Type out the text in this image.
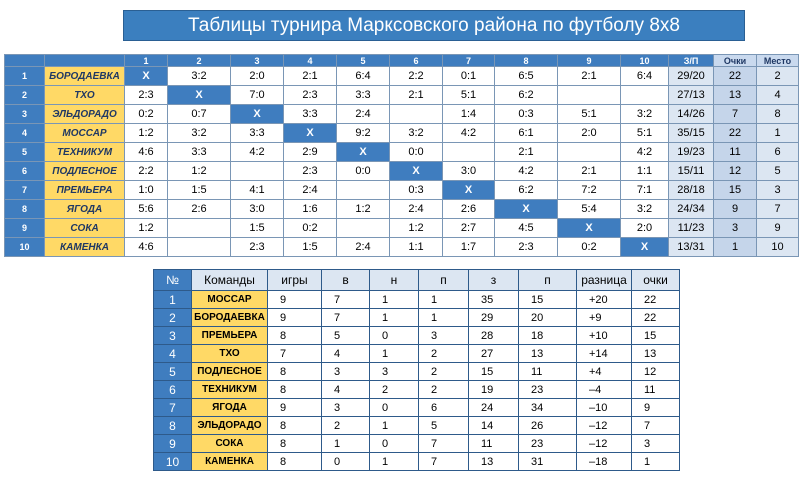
Таблицы турнира Марксовского района по футболу 8х8
		1	2	3	4	5	6	7	8	9	10	З/П	Очки	Место
1	БОРОДАЕВКА	Х	3:2	2:0	2:1	6:4	2:2	0:1	6:5	2:1	6:4	29/20	22	2
2	ТХО	2:3	Х	7:0	2:3	3:3	2:1	5:1	6:2			27/13	13	4
3	ЭЛЬДОРАДО	0:2	0:7	Х	3:3	2:4		1:4	0:3	5:1	3:2	14/26	7	8
4	МОССАР	1:2	3:2	3:3	Х	9:2	3:2	4:2	6:1	2:0	5:1	35/15	22	1
5	ТЕХНИКУМ	4:6	3:3	4:2	2:9	Х	0:0		2:1		4:2	19/23	11	6
6	ПОДЛЕСНОЕ	2:2	1:2		2:3	0:0	Х	3:0	4:2	2:1	1:1	15/11	12	5
7	ПРЕМЬЕРА	1:0	1:5	4:1	2:4		0:3	Х	6:2	7:2	7:1	28/18	15	3
8	ЯГОДА	5:6	2:6	3:0	1:6	1:2	2:4	2:6	Х	5:4	3:2	24/34	9	7
9	СОКА	1:2		1:5	0:2		1:2	2:7	4:5	Х	2:0	11/23	3	9
10	КАМЕНКА	4:6		2:3	1:5	2:4	1:1	1:7	2:3	0:2	Х	13/31	1	10
№	Команды	игры	в	н	п	з	п	разница	очки
1	МОССАР	9	7	1	1	35	15	+20	22
2	БОРОДАЕВКА	9	7	1	1	29	20	+9	22
3	ПРЕМЬЕРА	8	5	0	3	28	18	+10	15
4	ТХО	7	4	1	2	27	13	+14	13
5	ПОДЛЕСНОЕ	8	3	3	2	15	11	+4	12
6	ТЕХНИКУМ	8	4	2	2	19	23	–4	11
7	ЯГОДА	9	3	0	6	24	34	–10	9
8	ЭЛЬДОРАДО	8	2	1	5	14	26	–12	7
9	СОКА	8	1	0	7	11	23	–12	3
10	КАМЕНКА	8	0	1	7	13	31	–18	1
